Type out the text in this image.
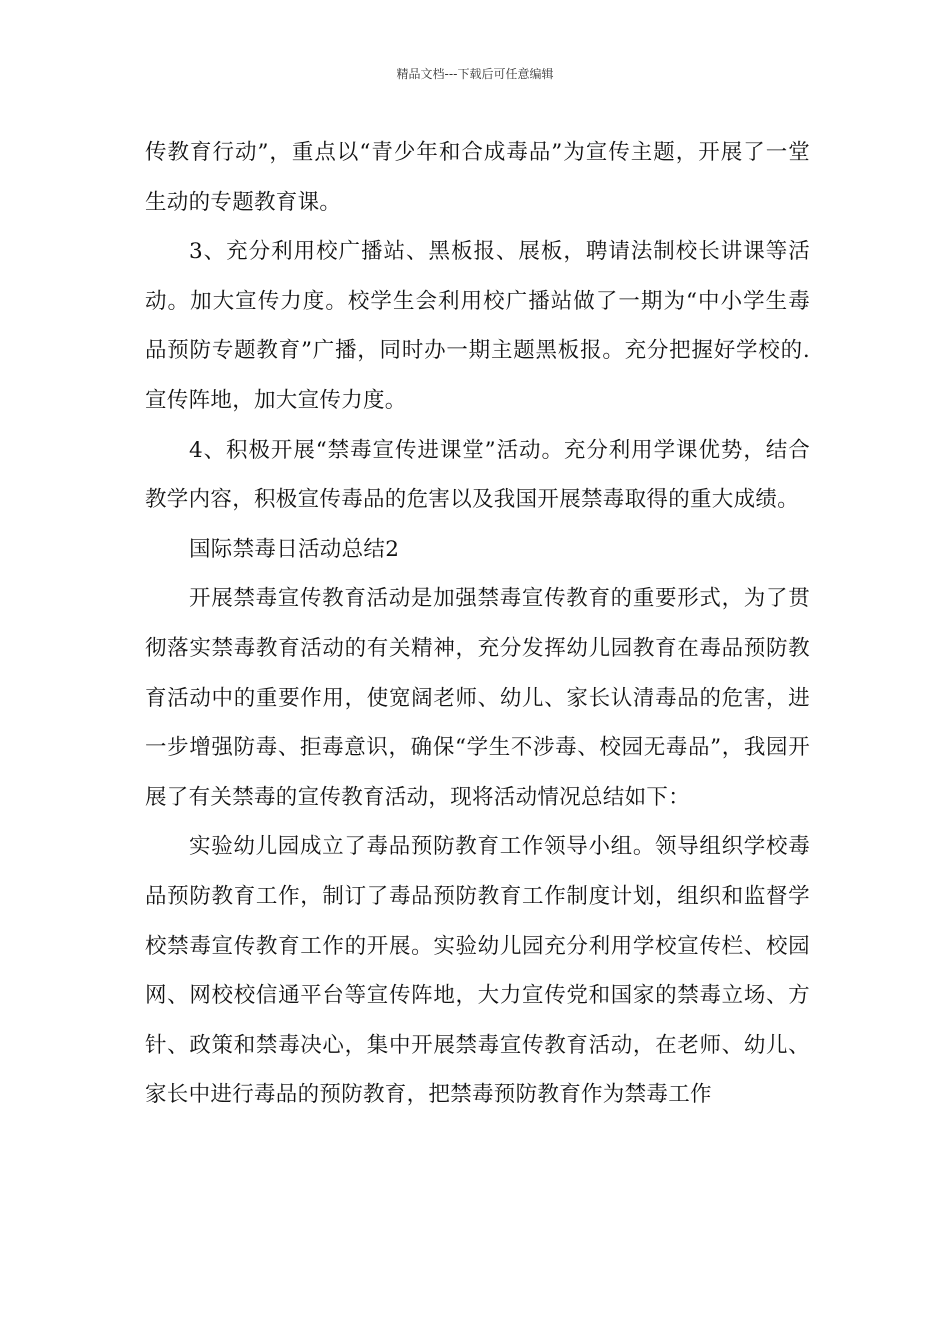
精品文档---下载后可任意编辑

传教育行动”，重点以“青少年和合成毒品”为宣传主题，开展了一堂生动的专题教育课。

3、充分利用校广播站、黑板报、展板，聘请法制校长讲课等活动。加大宣传力度。校学生会利用校广播站做了一期为“中小学生毒品预防专题教育”广播，同时办一期主题黑板报。充分把握好学校的.宣传阵地，加大宣传力度。

4、积极开展“禁毒宣传进课堂”活动。充分利用学课优势，结合教学内容，积极宣传毒品的危害以及我国开展禁毒取得的重大成绩。

国际禁毒日活动总结2

开展禁毒宣传教育活动是加强禁毒宣传教育的重要形式，为了贯彻落实禁毒教育活动的有关精神，充分发挥幼儿园教育在毒品预防教育活动中的重要作用，使宽阔老师、幼儿、家长认清毒品的危害，进一步增强防毒、拒毒意识，确保“学生不涉毒、校园无毒品”，我园开展了有关禁毒的宣传教育活动，现将活动情况总结如下：

实验幼儿园成立了毒品预防教育工作领导小组。领导组织学校毒品预防教育工作，制订了毒品预防教育工作制度计划，组织和监督学校禁毒宣传教育工作的开展。实验幼儿园充分利用学校宣传栏、校园网、网校校信通平台等宣传阵地，大力宣传党和国家的禁毒立场、方针、政策和禁毒决心，集中开展禁毒宣传教育活动，在老师、幼儿、家长中进行毒品的预防教育，把禁毒预防教育作为禁毒工作
